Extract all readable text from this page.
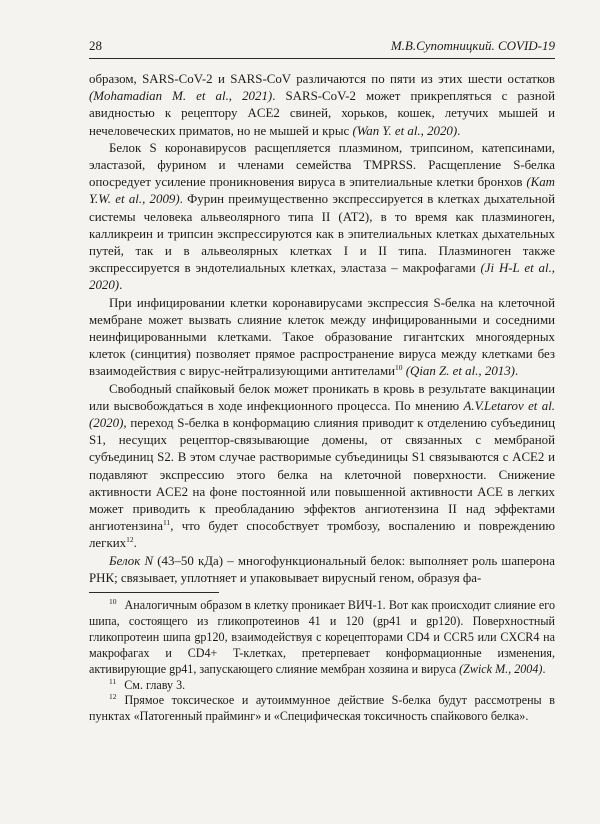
28	М.В.Супотницкий. COVID-19

образом, SARS-CoV-2 и SARS-CoV различаются по пяти из этих шести остатков (Mohamadian M. et al., 2021). SARS-CoV-2 может прикрепляться с разной авидностью к рецептору ACE2 свиней, хорьков, кошек, летучих мышей и нечеловеческих приматов, но не мышей и крыс (Wan Y. et al., 2020).

Белок S коронавирусов расщепляется плазмином, трипсином, катепсинами, эластазой, фурином и членами семейства TMPRSS. Расщепление S-белка опосредует усиление проникновения вируса в эпителиальные клетки бронхов (Kam Y.W. et al., 2009). Фурин преимущественно экспрессируется в клетках дыхательной системы человека альвеолярного типа II (AT2), в то время как плазминоген, калликреин и трипсин экспрессируются как в эпителиальных клетках дыхательных путей, так и в альвеолярных клетках I и II типа. Плазминоген также экспрессируется в эндотелиальных клетках, эластаза – макрофагами (Ji H-L et al., 2020).

При инфицировании клетки коронавирусами экспрессия S-белка на клеточной мембране может вызвать слияние клеток между инфицированными и соседними неинфицированными клетками. Такое образование гигантских многоядерных клеток (синцития) позволяет прямое распространение вируса между клетками без взаимодействия с вирус-нейтрализующими антителами$^{10}$ (Qian Z. et al., 2013).

Свободный спайковый белок может проникать в кровь в результате вакцинации или высвобождаться в ходе инфекционного процесса. По мнению A.V.Letarov et al. (2020), переход S-белка в конформацию слияния приводит к отделению субъединиц S1, несущих рецептор-связывающие домены, от связанных с мембраной субъединиц S2. В этом случае растворимые субъединицы S1 связываются с ACE2 и подавляют экспрессию этого белка на клеточной поверхности. Снижение активности ACE2 на фоне постоянной или повышенной активности ACE в легких может приводить к преобладанию эффектов ангиотензина II над эффектами ангиотензина$^{11}$, что будет способствует тромбозу, воспалению и повреждению легких$^{12}$.

Белок N (43–50 кДа) – многофункциональный белок: выполняет роль шаперона РНК; связывает, уплотняет и упаковывает вирусный геном, образуя фа-

$^{10}$ Аналогичным образом в клетку проникает ВИЧ-1. Вот как происходит слияние его шипа, состоящего из гликопротеинов 41 и 120 (gp41 и gp120). Поверхностный гликопротеин шипа gp120, взаимодействуя с корецепторами CD4 и CCR5 или CXCR4 на макрофагах и CD4+ T-клетках, претерпевает конформационные изменения, активирующие gp41, запускающего слияние мембран хозяина и вируса (Zwick M., 2004).

$^{11}$ См. главу 3.

$^{12}$ Прямое токсическое и аутоиммунное действие S-белка будут рассмотрены в пунктах «Патогенный прайминг» и «Специфическая токсичность спайкового белка».
